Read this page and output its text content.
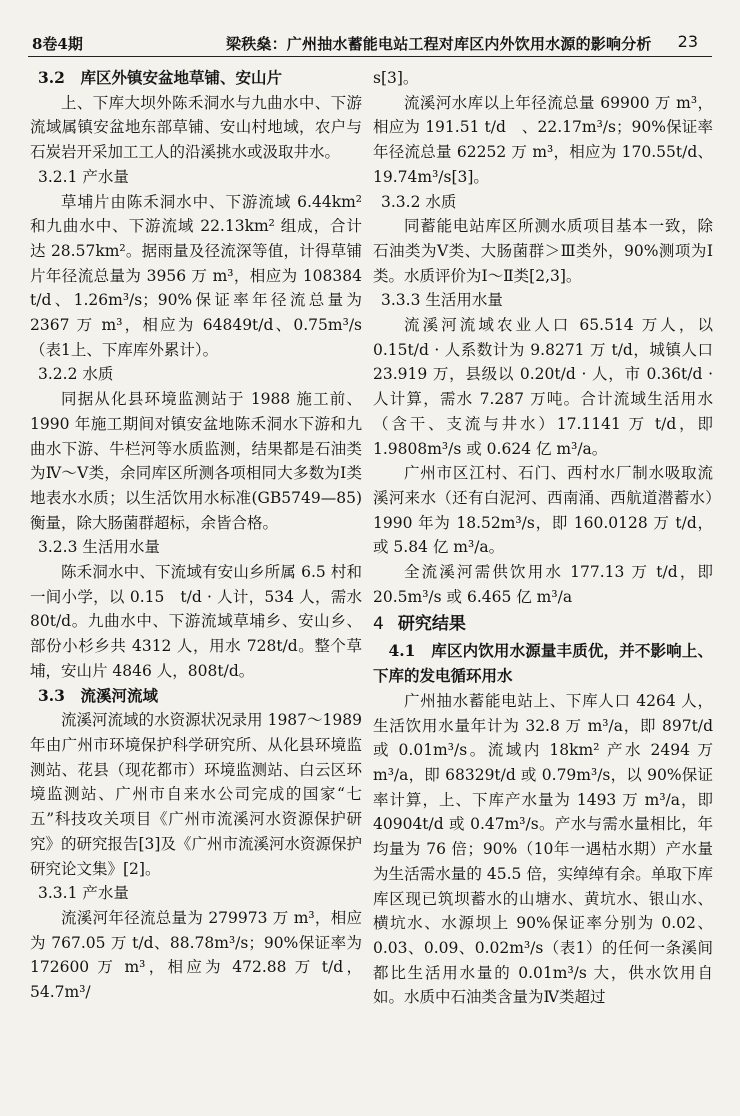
8卷4期	梁秩燊：广州抽水蓄能电站工程对库区内外饮用水源的影响分析 23
3.2　库区外镇安盆地草铺、安山片

上、下库大坝外陈禾洞水与九曲水中、下游流域属镇安盆地东部草铺、安山村地域，农户与石炭岩开采加工工人的沿溪挑水或汲取井水。

3.2.1 产水量

草埔片由陈禾洞水中、下游流域 6.44km² 和九曲水中、下游流域 22.13km² 组成，合计达 28.57km²。据雨量及径流深等值，计得草铺片年径流总量为 3956 万 m³，相应为 108384 t/d、1.26m³/s；90%保证率年径流总量为 2367 万 m³，相应为 64849t/d、0.75m³/s（表1上、下库库外累计）。

3.2.2 水质

同据从化县环境监测站于 1988 施工前、1990 年施工期间对镇安盆地陈禾洞水下游和九曲水下游、牛栏河等水质监测，结果都是石油类为Ⅳ～Ⅴ类，余同库区所测各项相同大多数为Ⅰ类地表水水质；以生活饮用水标准(GB5749—85) 衡量，除大肠菌群超标，余皆合格。

3.2.3 生活用水量

陈禾洞水中、下流域有安山乡所属 6.5 村和一间小学，以 0.15　t/d · 人计，534 人，需水 80t/d。九曲水中、下游流域草埔乡、安山乡、部份小杉乡共 4312 人，用水 728t/d。整个草埔，安山片 4846 人，808t/d。

3.3　流溪河流域

流溪河流域的水资源状况录用 1987～1989 年由广州市环境保护科学研究所、从化县环境监测站、花县（现花都市）环境监测站、白云区环境监测站、广州市自来水公司完成的国家“七五”科技攻关项目《广州市流溪河水资源保护研究》的研究报告[3]及《广州市流溪河水资源保护研究论文集》[2]。

3.3.1 产水量

流溪河年径流总量为 279973 万 m³，相应为 767.05 万 t/d、88.78m³/s；90%保证率为 172600 万 m³，相应为 472.88 万 t/d，54.7m³/

s[3]。

流溪河水库以上年径流总量 69900 万 m³，相应为 191.51 t/d　、22.17m³/s；90%保证率年径流总量 62252 万 m³，相应为 170.55t/d、19.74m³/s[3]。

3.3.2 水质

同蓄能电站库区所测水质项目基本一致，除石油类为Ⅴ类、大肠菌群＞Ⅲ类外，90%测项为Ⅰ类。水质评价为Ⅰ～Ⅱ类[2,3]。

3.3.3 生活用水量

流溪河流域农业人口 65.514 万人，以 0.15t/d · 人系数计为 9.8271 万 t/d，城镇人口 23.919 万，县级以 0.20t/d · 人，市 0.36t/d · 人计算，需水 7.287 万吨。合计流域生活用水（含干、支流与井水）17.1141 万 t/d，即 1.9808m³/s 或 0.624 亿 m³/a。

广州市区江村、石门、西村水厂制水吸取流溪河来水（还有白泥河、西南涌、西航道潜蓄水）1990 年为 18.52m³/s，即 160.0128 万 t/d，或 5.84 亿 m³/a。

全流溪河需供饮用水 177.13 万 t/d，即 20.5m³/s 或 6.465 亿 m³/a

4 研究结果
4.1　库区内饮用水源量丰质优，并不影响上、下库的发电循环用水

广州抽水蓄能电站上、下库人口 4264 人，生活饮用水量年计为 32.8 万 m³/a，即 897t/d 或 0.01m³/s。流域内 18km² 产水 2494 万 m³/a，即 68329t/d 或 0.79m³/s，以 90%保证率计算，上、下库产水量为 1493 万 m³/a，即 40904t/d 或 0.47m³/s。产水与需水量相比，年均量为 76 倍；90%（10年一遇枯水期）产水量为生活需水量的 45.5 倍，实绰绰有余。单取下库库区现已筑坝蓄水的山塘水、黄坑水、银山水、横坑水、水源坝上 90%保证率分别为 0.02、0.03、0.09、0.02m³/s（表1）的任何一条溪间都比生活用水量的 0.01m³/s 大，供水饮用自如。水质中石油类含量为Ⅳ类超过
